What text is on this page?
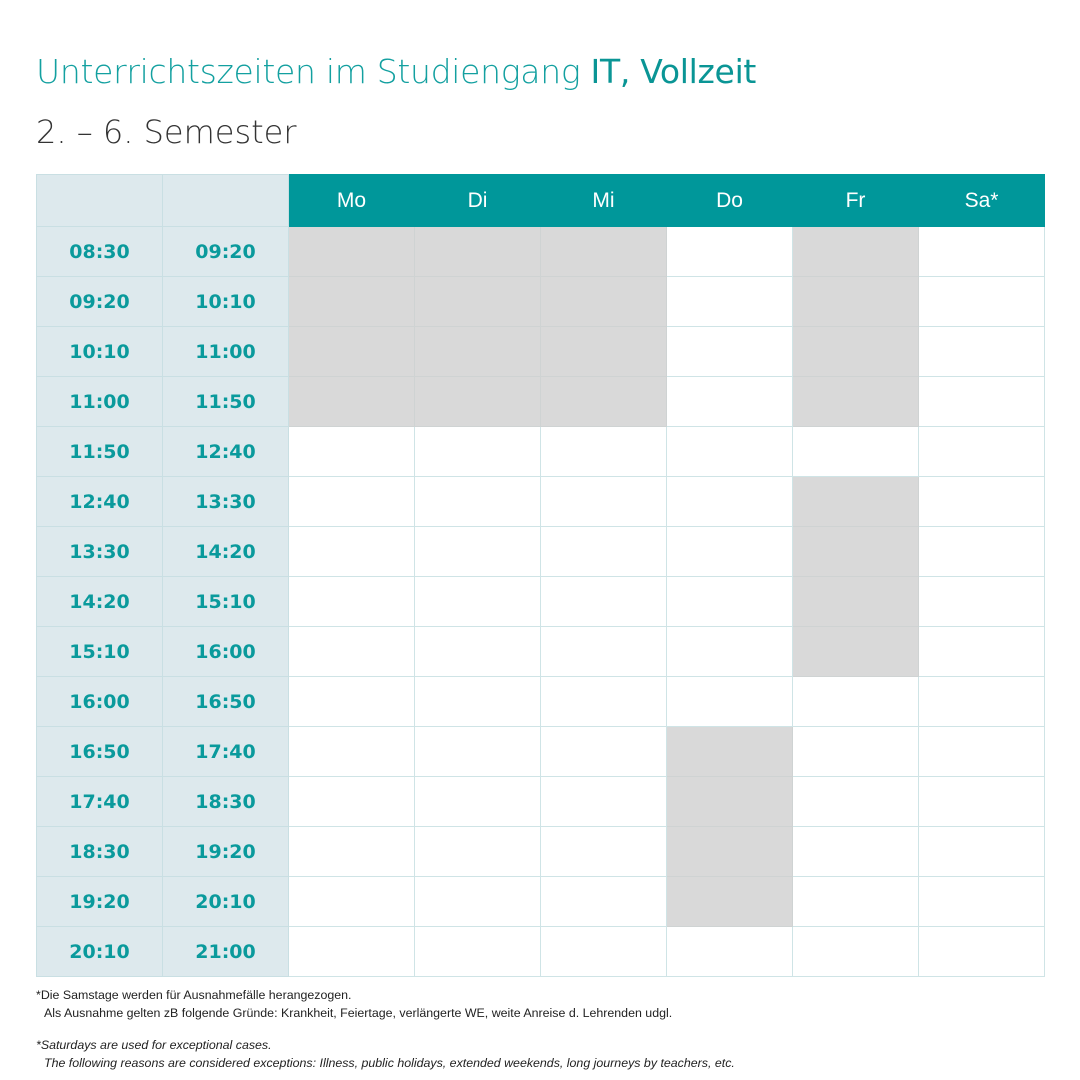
Unterrichtszeiten im Studiengang IT, Vollzeit
2. – 6. Semester
		Mo	Di	Mi	Do	Fr	Sa*
08:30	09:20						
09:20	10:10						
10:10	11:00						
11:00	11:50						
11:50	12:40						
12:40	13:30						
13:30	14:20						
14:20	15:10						
15:10	16:00						
16:00	16:50						
16:50	17:40						
17:40	18:30						
18:30	19:20						
19:20	20:10						
20:10	21:00						

*Die Samstage werden für Ausnahmefälle herangezogen.

Als Ausnahme gelten zB folgende Gründe: Krankheit, Feiertage, verlängerte WE, weite Anreise d. Lehrenden udgl.

*Saturdays are used for exceptional cases.

The following reasons are considered exceptions: Illness, public holidays, extended weekends, long journeys by teachers, etc.
